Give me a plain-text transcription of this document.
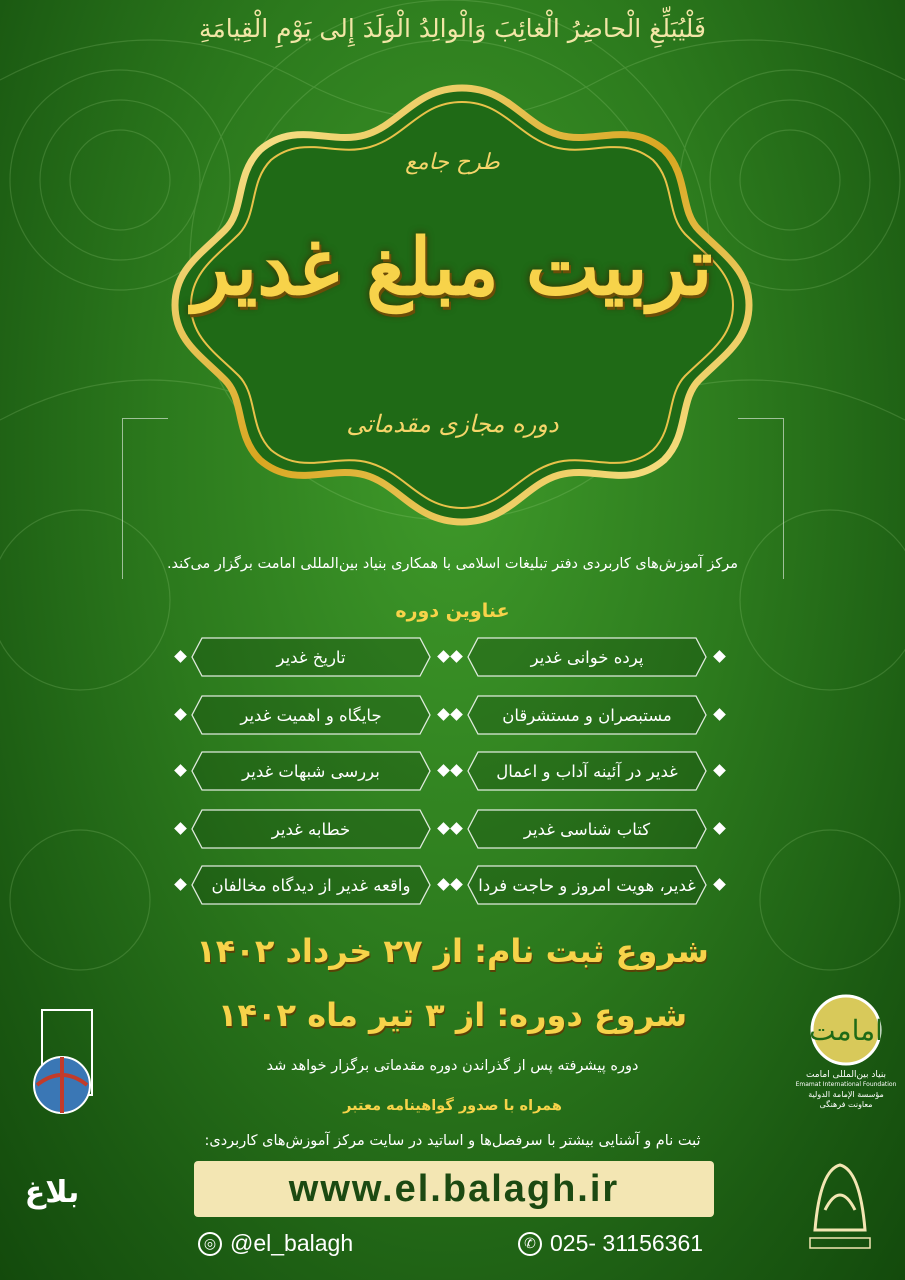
فَلْیُبَلِّغِ الْحاضِرُ الْغائِبَ وَالْوالِدُ الْوَلَدَ إِلی یَوْمِ الْقِیامَةِ
طرح جامع
تربیت مبلغ غدیر
دوره مجازی مقدماتی
مرکز آموزش‌های کاربردی دفتر تبلیغات اسلامی با همکاری بنیاد بین‌المللی امامت برگزار می‌کند.
عناوین دوره
پرده خوانی غدیر
مستبصران و مستشرقان
غدیر در آئینه آداب و اعمال
کتاب شناسی غدیر
غدیر، هویت امروز و حاجت فردا
تاریخ غدیر
جایگاه و اهمیت غدیر
بررسی شبهات غدیر
خطابه غدیر
واقعه غدیر از دیدگاه مخالفان
شروع ثبت نام: از ۲۷ خرداد ۱۴۰۲
شروع دوره: از ۳ تیر ماه ۱۴۰۲
دوره پیشرفته پس از گذراندن دوره مقدماتی برگزار خواهد شد
همراه با صدور گواهینامه معتبر
ثبت نام و آشنایی بیشتر با سرفصل‌ها و اساتید در سایت مرکز آموزش‌های کاربردی:
www.el.balagh.ir
◎ @el_balagh	✆ 025- 31156361
بلاغ
امامت
بنیاد بین‌المللی امامت
Emamat International Foundation
مؤسسة الإمامة الدولية
معاونت فرهنگی
